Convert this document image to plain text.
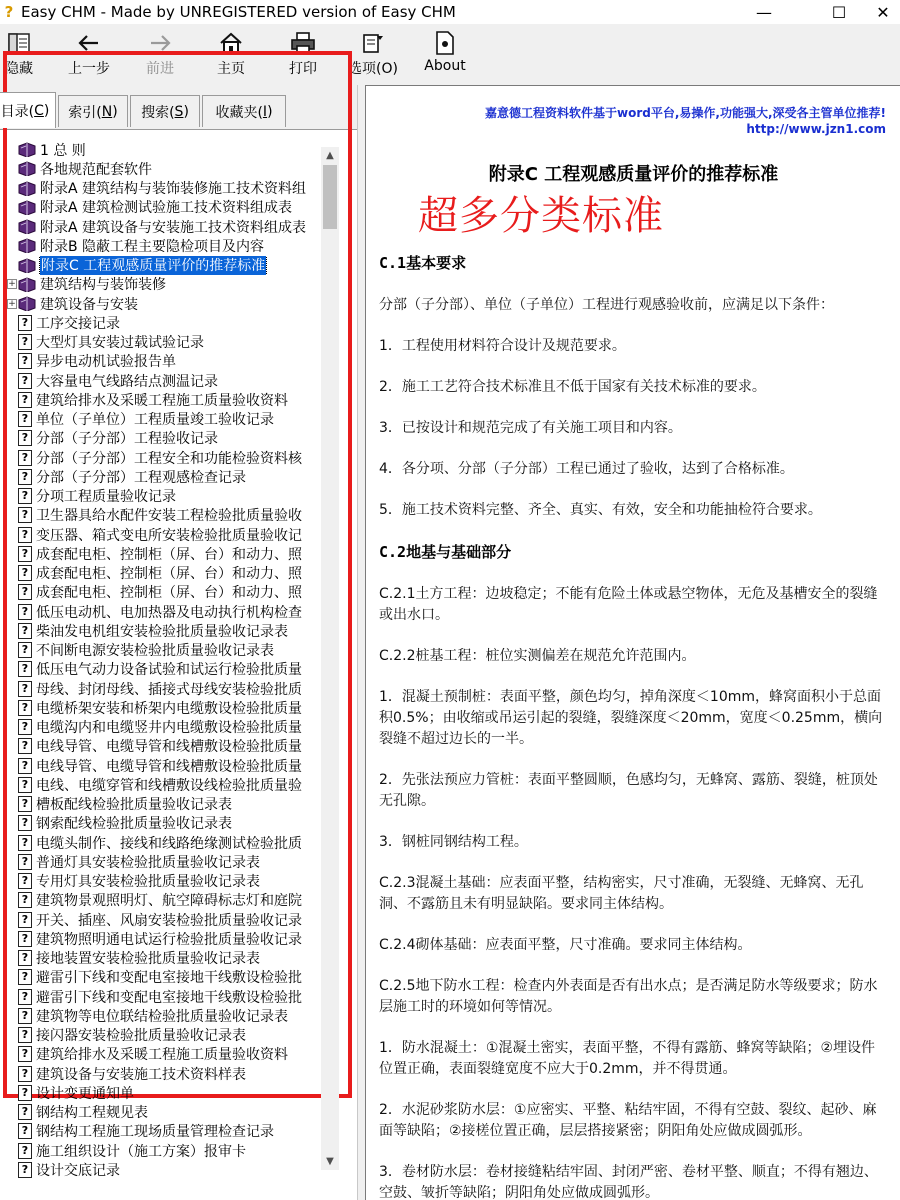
? Easy CHM - Made by UNREGISTERED version of Easy CHM	—	☐	✕
隐藏	上一步	前进	主页	打印 选项(O) About
目录( C ) 索引( N ) 搜索( S ) 收藏夹( I )
1 总 则
各地规范配套软件
附录A 建筑结构与装饰装修施工技术资料组
附录A 建筑检测试验施工技术资料组成表
附录A 建筑设备与安装施工技术资料组成表
附录B 隐蔽工程主要隐检项目及内容
附录C 工程观感质量评价的推荐标准
+ 建筑结构与装饰装修
+ 建筑设备与安装
? 工序交接记录
? 大型灯具安装过载试验记录
? 异步电动机试验报告单
? 大容量电气线路结点测温记录
? 建筑给排水及采暖工程施工质量验收资料
? 单位（子单位）工程质量竣工验收记录
? 分部（子分部）工程验收记录
? 分部（子分部）工程安全和功能检验资料核
? 分部（子分部）工程观感检查记录
? 分项工程质量验收记录
? 卫生器具给水配件安装工程检验批质量验收
? 变压器、箱式变电所安装检验批质量验收记
? 成套配电柜、控制柜（屏、台）和动力、照
? 成套配电柜、控制柜（屏、台）和动力、照
? 成套配电柜、控制柜（屏、台）和动力、照
? 低压电动机、电加热器及电动执行机构检查
? 柴油发电机组安装检验批质量验收记录表
? 不间断电源安装检验批质量验收记录表
? 低压电气动力设备试验和试运行检验批质量
? 母线、封闭母线、插接式母线安装检验批质
? 电缆桥架安装和桥架内电缆敷设检验批质量
? 电缆沟内和电缆竖井内电缆敷设检验批质量
? 电线导管、电缆导管和线槽敷设检验批质量
? 电线导管、电缆导管和线槽敷设检验批质量
? 电线、电缆穿管和线槽敷设线检验批质量验
? 槽板配线检验批质量验收记录表
? 钢索配线检验批质量验收记录表
? 电缆头制作、接线和线路绝缘测试检验批质
? 普通灯具安装检验批质量验收记录表
? 专用灯具安装检验批质量验收记录表
? 建筑物景观照明灯、航空障碍标志灯和庭院
? 开关、插座、风扇安装检验批质量验收记录
? 建筑物照明通电试运行检验批质量验收记录
? 接地装置安装检验批质量验收记录表
? 避雷引下线和变配电室接地干线敷设检验批
? 避雷引下线和变配电室接地干线敷设检验批
? 建筑物等电位联结检验批质量验收记录表
? 接闪器安装检验批质量验收记录表
? 建筑给排水及采暖工程施工质量验收资料
? 建筑设备与安装施工技术资料样表
? 设计变更通知单
? 钢结构工程觌见表
? 钢结构工程施工现场质量管理检查记录
? 施工组织设计（施工方案）报审卡
? 设计交底记录
▲
▼
嘉意德工程资料软件基于word平台,易操作,功能强大,深受各主管单位推荐!
http://www.jzn1.com
附录C 工程观感质量评价的推荐标准
超多分类标准
C.1基本要求
分部（子分部）、单位（子单位）工程进行观感验收前，应满足以下条件：
1．工程使用材料符合设计及规范要求。
2．施工工艺符合技术标准且不低于国家有关技术标准的要求。
3．已按设计和规范完成了有关施工项目和内容。
4．各分项、分部（子分部）工程已通过了验收，达到了合格标准。
5．施工技术资料完整、齐全、真实、有效，安全和功能抽检符合要求。
C.2地基与基础部分
C.2.1土方工程：边坡稳定；不能有危险土体或悬空物体，无危及基槽安全的裂缝或出水口。
C.2.2桩基工程：桩位实测偏差在规范允许范围内。
1．混凝土预制桩：表面平整，颜色均匀，掉角深度＜10mm，蜂窝面积小于总面积0.5%；由收缩或吊运引起的裂缝，裂缝深度＜20mm，宽度＜0.25mm，横向裂缝不超过边长的一半。
2．先张法预应力管桩：表面平整圆顺，色感均匀，无蜂窝、露筋、裂缝，桩顶处无孔隙。
3．钢桩同钢结构工程。
C.2.3混凝土基础：应表面平整，结构密实，尺寸准确，无裂缝、无蜂窝、无孔洞、不露筋且未有明显缺陷。要求同主体结构。
C.2.4砌体基础：应表面平整，尺寸准确。要求同主体结构。
C.2.5地下防水工程：检查内外表面是否有出水点；是否满足防水等级要求；防水层施工时的环境如何等情况。
1．防水混凝土：①混凝土密实，表面平整，不得有露筋、蜂窝等缺陷；②埋设件位置正确，表面裂缝宽度不应大于0.2mm，并不得贯通。
2．水泥砂浆防水层：①应密实、平整、粘结牢固，不得有空鼓、裂纹、起砂、麻面等缺陷；②接槎位置正确，层层搭接紧密；阴阳角处应做成圆弧形。
3．卷材防水层：卷材接缝粘结牢固、封闭严密、卷材平整、顺直；不得有翘边、空鼓、皱折等缺陷；阴阳角处应做成圆弧形。
